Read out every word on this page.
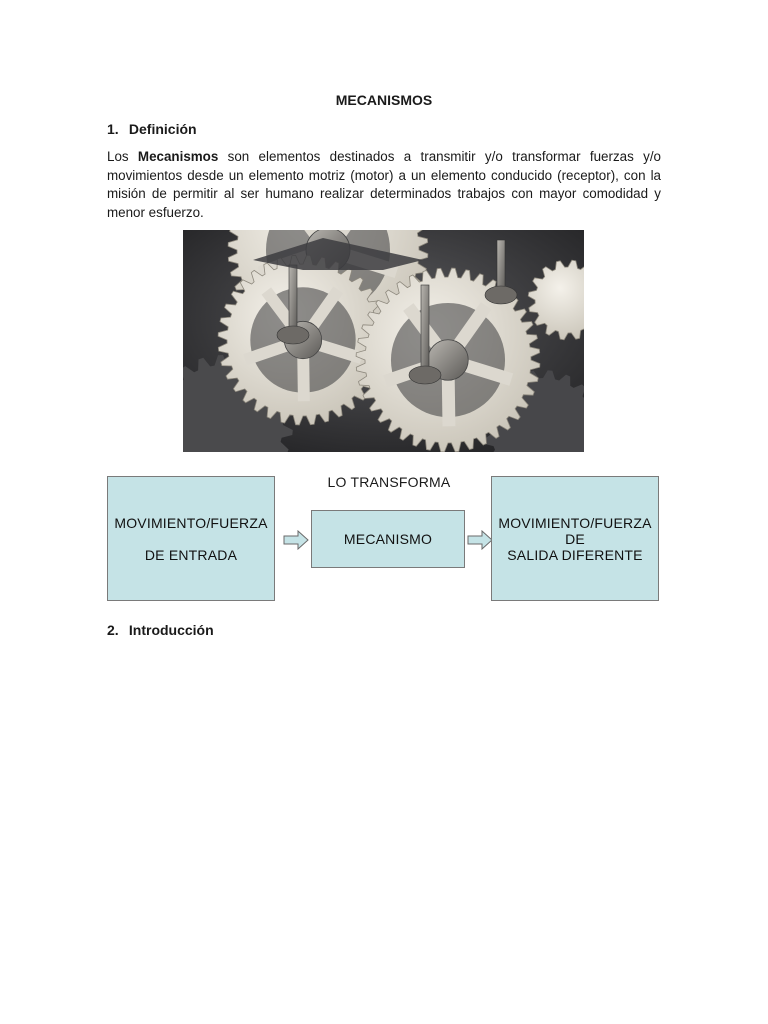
MECANISMOS
1. Definición
Los Mecanismos son elementos destinados a transmitir y/o transformar fuerzas y/o movimientos desde un elemento motriz (motor) a un elemento conducido (receptor), con la misión de permitir al ser humano realizar determinados trabajos con mayor comodidad y menor esfuerzo.
LO TRANSFORMA
MOVIMIENTO/FUERZA
DE ENTRADA
MECANISMO
MOVIMIENTO/FUERZA
DE
SALIDA DIFERENTE
2. Introducción
